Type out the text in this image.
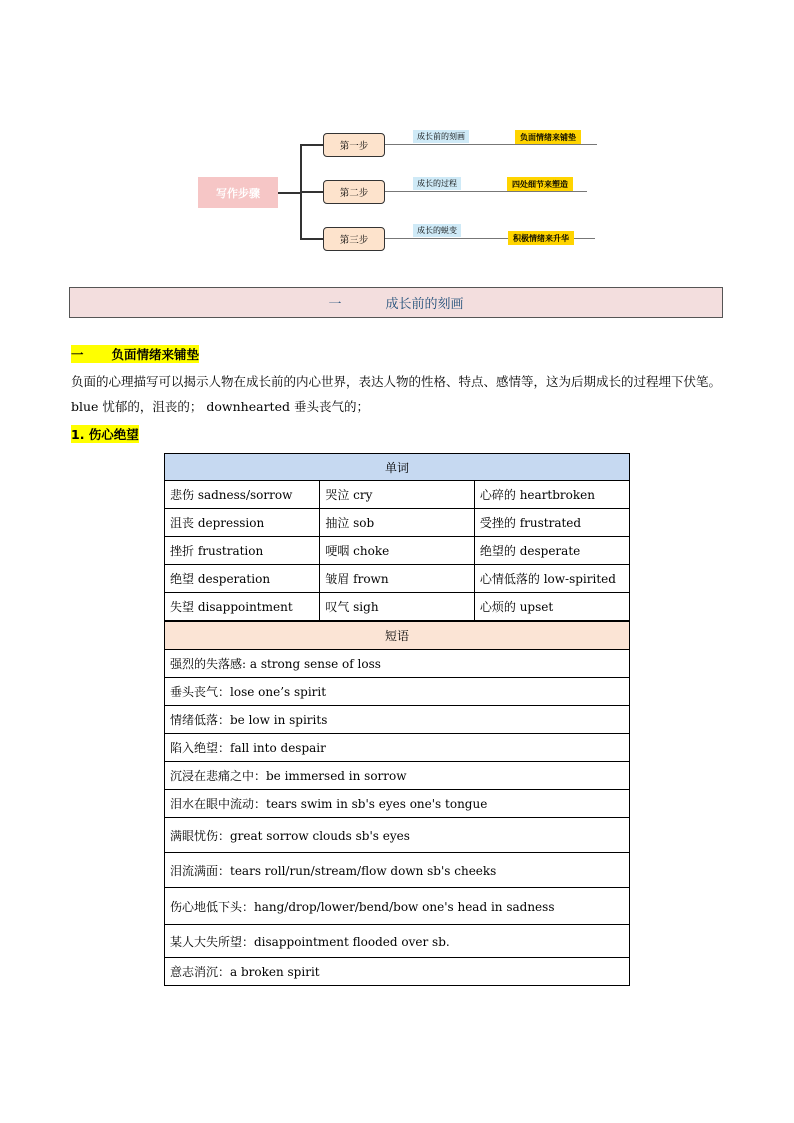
写作步骤
第一步
第二步
第三步
成长前的刻画
成长的过程
成长的蜕变
负面情绪来铺垫
四处细节来塑造
积极情绪来升华
一	成长前的刻画
一 负面情绪来铺垫
负面的心理描写可以揭示人物在成长前的内心世界，表达人物的性格、特点、感情等，这为后期成长的过程埋下伏笔。blue 忧郁的，沮丧的； downhearted 垂头丧气的；
1. 伤心绝望
单词		
悲伤 sadness/sorrow	哭泣 cry	心碎的 heartbroken
沮丧 depression	抽泣 sob	受挫的 frustrated
挫折 frustration	哽咽 choke	绝望的 desperate
绝望 desperation	皱眉 frown	心情低落的 low-spirited
失望 disappointment	叹气 sigh	心烦的 upset
短语
强烈的失落感: a strong sense of loss
垂头丧气：lose one’s spirit
情绪低落：be low in spirits
陷入绝望：fall into despair
沉浸在悲痛之中：be immersed in sorrow
泪水在眼中流动：tears swim in sb's eyes one's tongue
满眼忧伤：great sorrow clouds sb's eyes
泪流满面：tears roll/run/stream/flow down sb's cheeks
伤心地低下头：hang/drop/lower/bend/bow one's head in sadness
某人大失所望：disappointment flooded over sb.
意志消沉：a broken spirit
